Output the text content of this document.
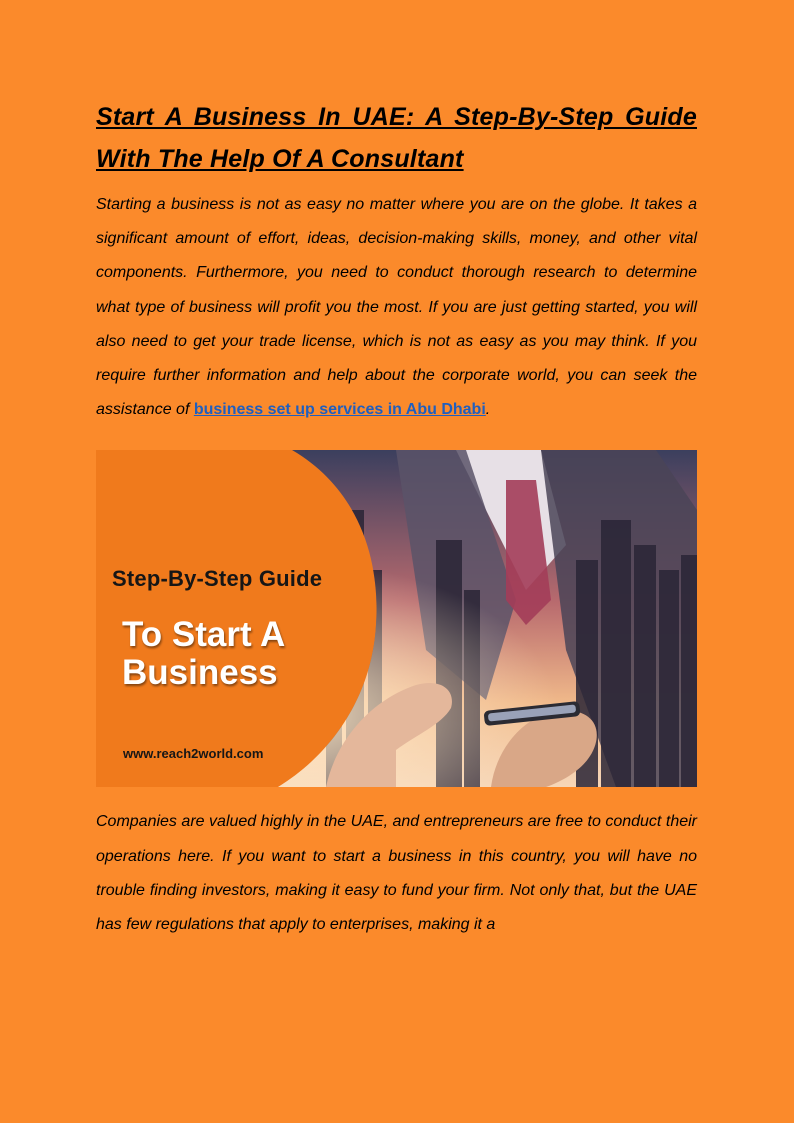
Start A Business In UAE: A Step-By-Step Guide With The Help Of A Consultant

Starting a business is not as easy no matter where you are on the globe. It takes a significant amount of effort, ideas, decision-making skills, money, and other vital components. Furthermore, you need to conduct thorough research to determine what type of business will profit you the most. If you are just getting started, you will also need to get your trade license, which is not as easy as you may think. If you require further information and help about the corporate world, you can seek the assistance of business set up services in Abu Dhabi.

Step-By-Step Guide
To Start A
Business
www.reach2world.com

Companies are valued highly in the UAE, and entrepreneurs are free to conduct their operations here. If you want to start a business in this country, you will have no trouble finding investors, making it easy to fund your firm. Not only that, but the UAE has few regulations that apply to enterprises, making it a
